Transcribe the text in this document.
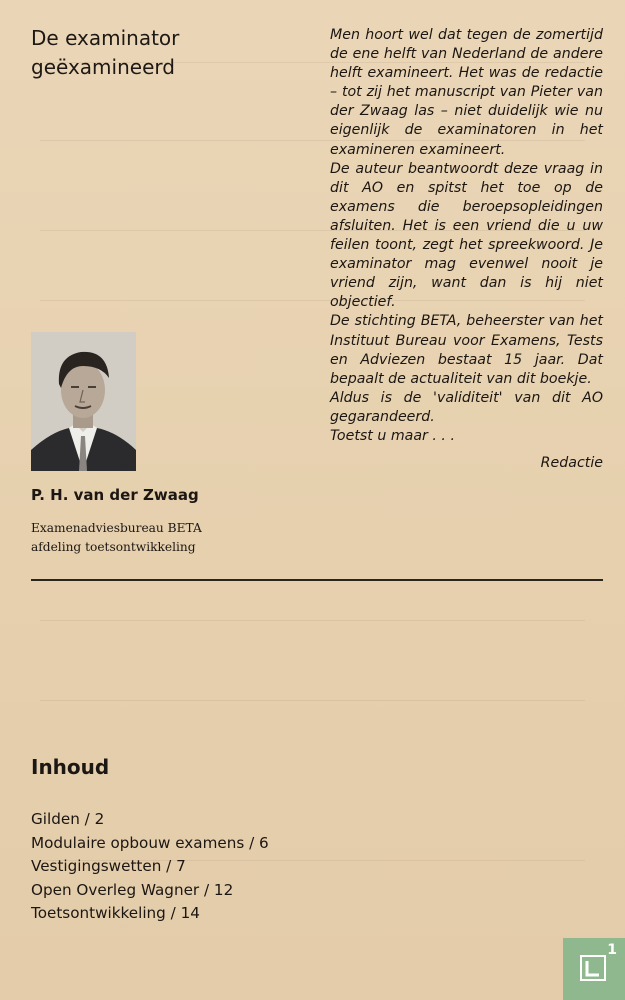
De examinator
geëxamineerd

Men hoort wel dat tegen de zomertijd de ene helft van Nederland de andere helft examineert. Het was de redactie – tot zij het manuscript van Pieter van der Zwaag las – niet duidelijk wie nu eigenlijk de examinatoren in het examineren examineert.

De auteur beantwoordt deze vraag in dit AO en spitst het toe op de examens die beroepsopleidingen afsluiten. Het is een vriend die u uw feilen toont, zegt het spreekwoord. Je examinator mag evenwel nooit je vriend zijn, want dan is hij niet objectief.

De stichting BETA, beheerster van het Instituut Bureau voor Examens, Tests en Adviezen bestaat 15 jaar. Dat bepaalt de actualiteit van dit boekje.

Aldus is de 'validiteit' van dit AO gegarandeerd.

Toetst u maar . . .

Redactie

P. H. van der Zwaag
Examenadviesbureau BETA
afdeling toetsontwikkeling
Inhoud
Gilden / 2
Modulaire opbouw examens / 6
Vestigingswetten / 7
Open Overleg Wagner / 12
Toetsontwikkeling / 14
1
